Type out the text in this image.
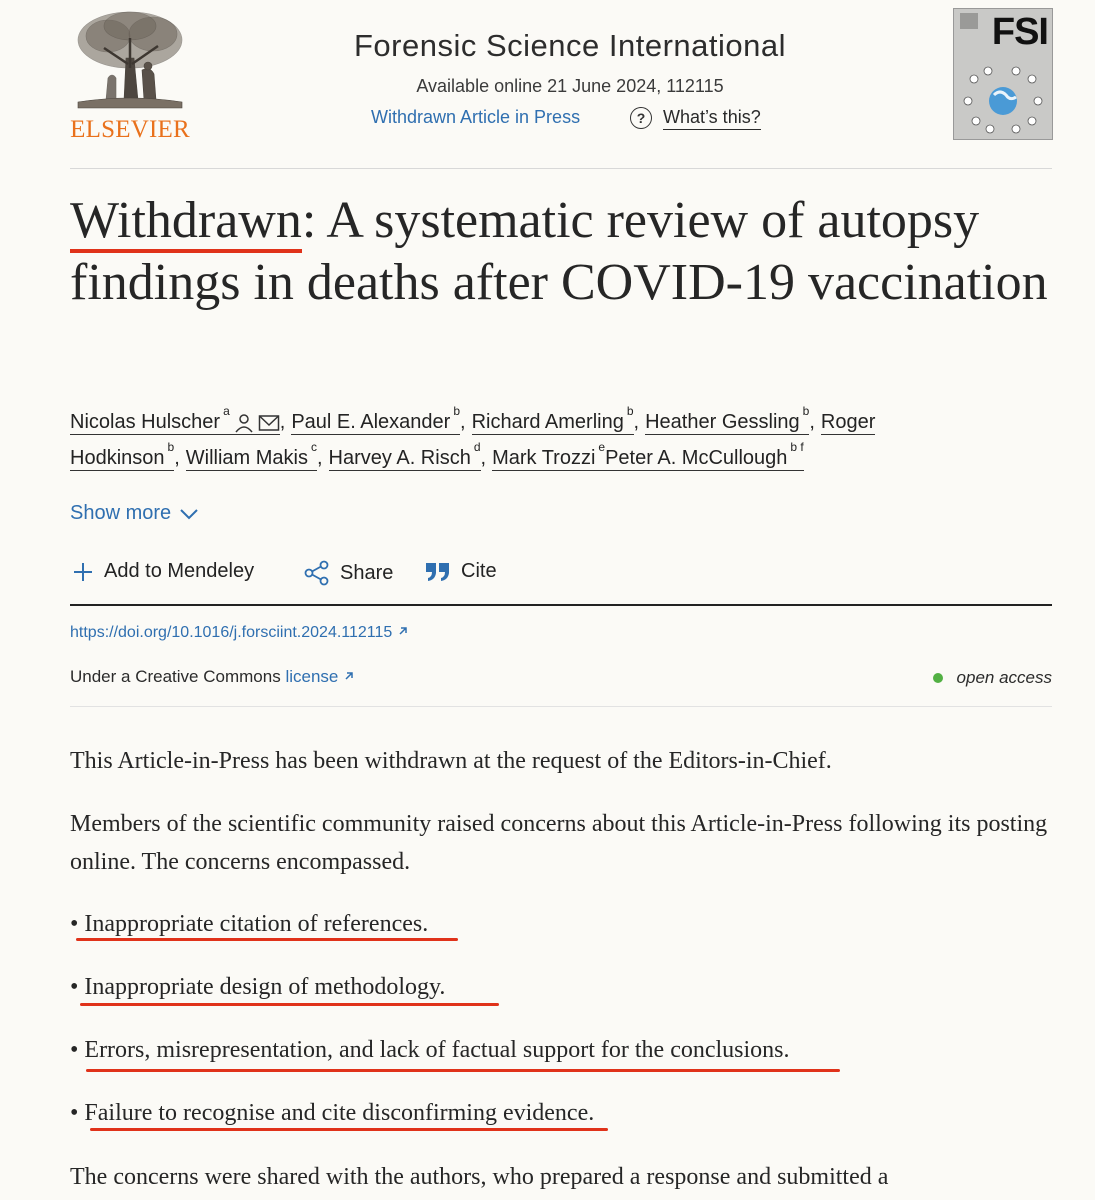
ELSEVIER
Forensic Science International
Available online 21 June 2024, 112115
Withdrawn Article in Press	? What’s this?
FSI
Withdrawn: A systematic review of autopsy findings in deaths after COVID-19 vaccination
Nicolas Hulscher $^a$	, Paul E. Alexander $^b$, Richard Amerling $^b$, Heather Gessling $^b$, Roger Hodkinson $^b$, William Makis $^c$, Harvey A. Risch $^d$, Mark Trozzi $^e$Peter A. McCullough $^{b f}$
Show more
Add to Mendeley	Share	Cite
https://doi.org/10.1016/j.forsciint.2024.112115
Under a Creative Commons license	open access

This Article-in-Press has been withdrawn at the request of the Editors-in-Chief.

Members of the scientific community raised concerns about this Article-in-Press following its posting online. The concerns encompassed.

• Inappropriate citation of references.
• Inappropriate design of methodology.
• Errors, misrepresentation, and lack of factual support for the conclusions.
• Failure to recognise and cite disconfirming evidence.

The concerns were shared with the authors, who prepared a response and submitted a
